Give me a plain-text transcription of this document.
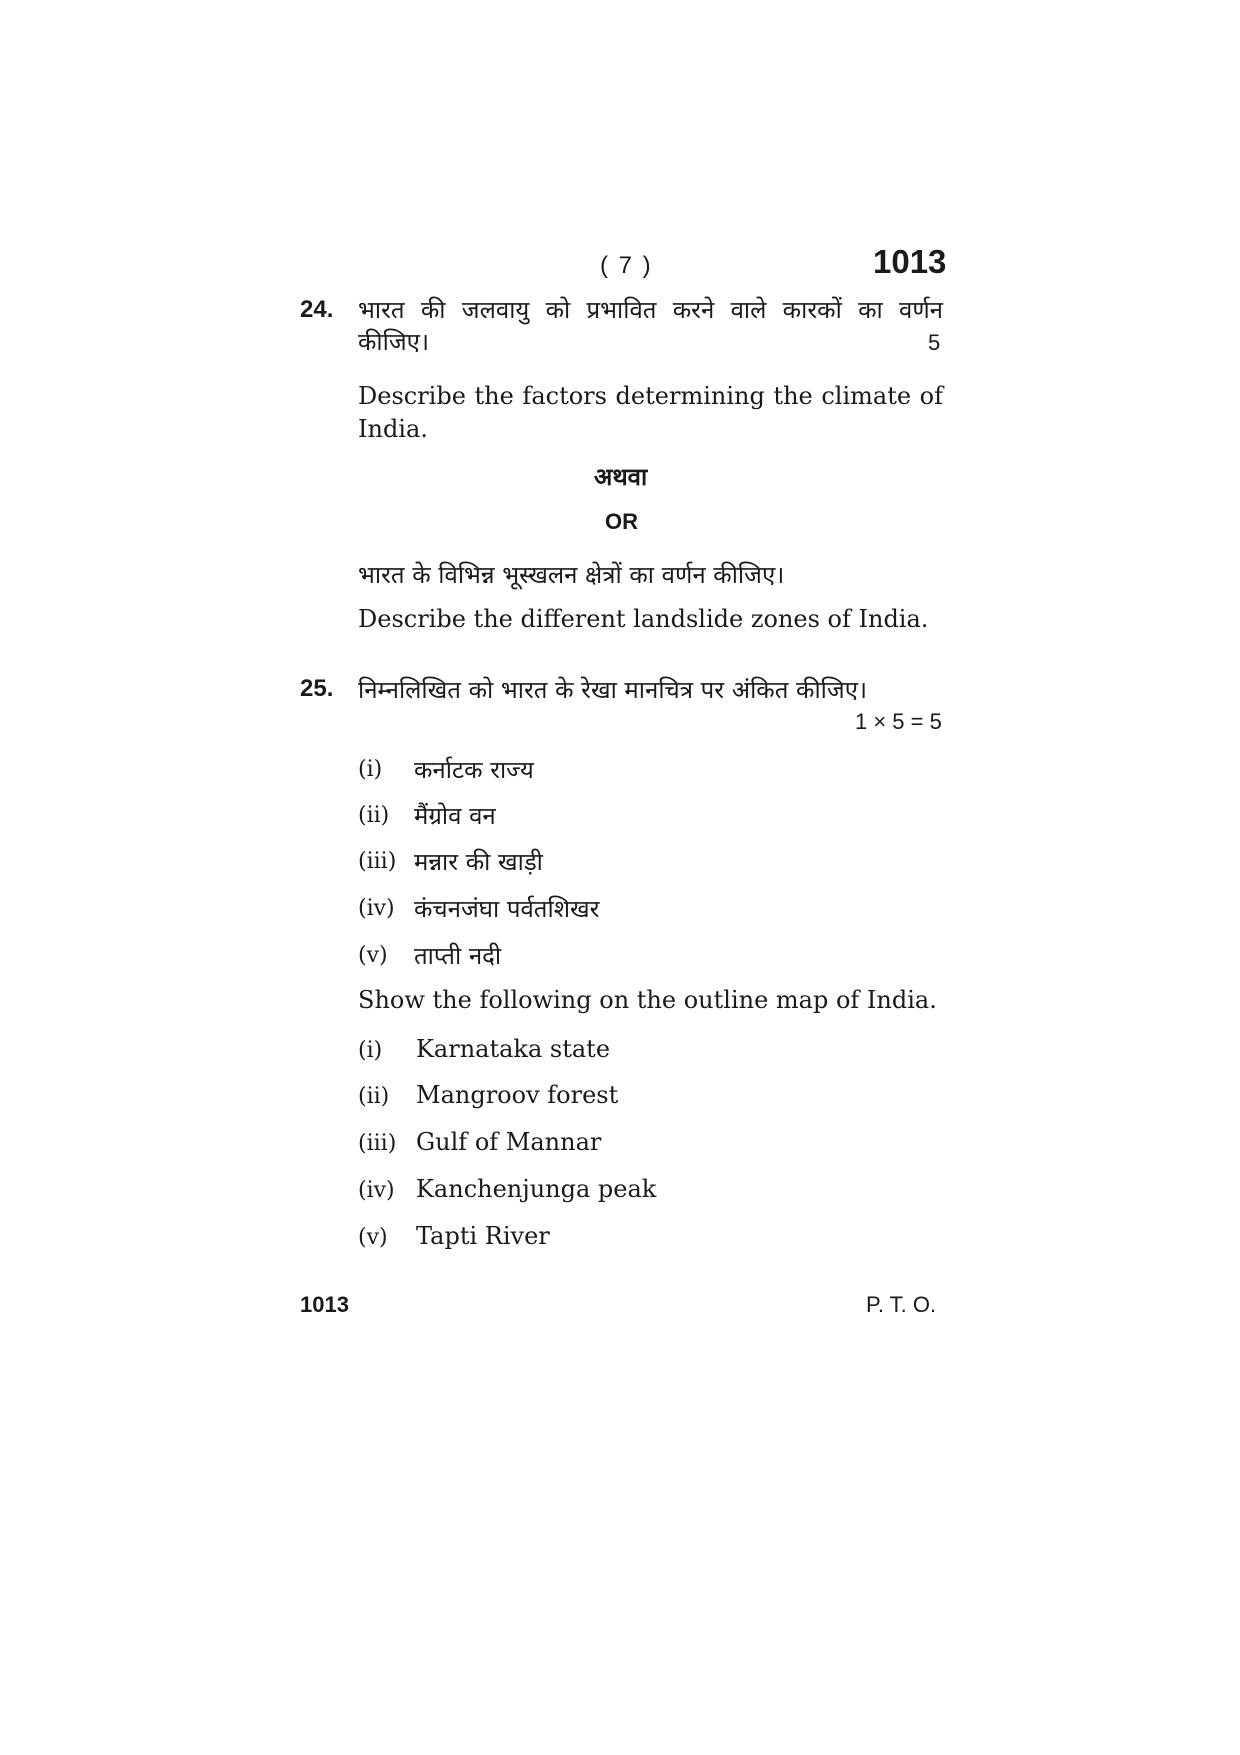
( 7 )	1013
24. भारत की जलवायु को प्रभावित करने वाले कारकों का वर्णन कीजिए।	5
Describe the factors determining the climate of India.
अथवा
OR
भारत के विभिन्न भूस्खलन क्षेत्रों का वर्णन कीजिए।
Describe the different landslide zones of India.
25. निम्नलिखित को भारत के रेखा मानचित्र पर अंकित कीजिए।
1 × 5 = 5
(i) कर्नाटक राज्य
(ii) मैंग्रोव वन
(iii) मन्नार की खाड़ी
(iv) कंचनजंघा पर्वतशिखर
(v) ताप्ती नदी
Show the following on the outline map of India.
(i) Karnataka state
(ii) Mangroov forest
(iii) Gulf of Mannar
(iv) Kanchenjunga peak
(v) Tapti River
1013	P. T. O.
